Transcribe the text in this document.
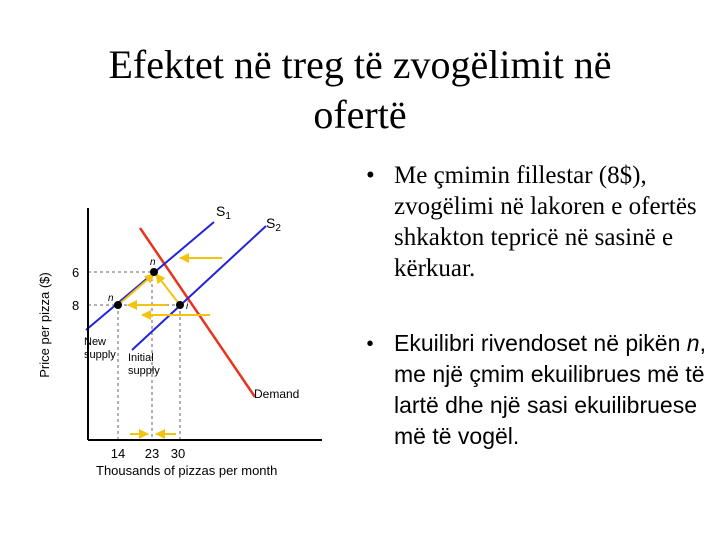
Efektet në treg të zvogëlimit në
ofertë
$S_1$	$S_2$
Demand
n
n
i
New
supply Initial
supply
6
8
14 23 30
Thousands of pizzas per month
Price per pizza ($)
• Me çmimin fillestar (8$), zvogëlimi në lakoren e ofertës shkakton tepricë në sasinë e kërkuar.
• Ekuilibri rivendoset në pikën n, me një çmim ekuilibrues më të lartë dhe një sasi ekuilibruese më të vogël.
